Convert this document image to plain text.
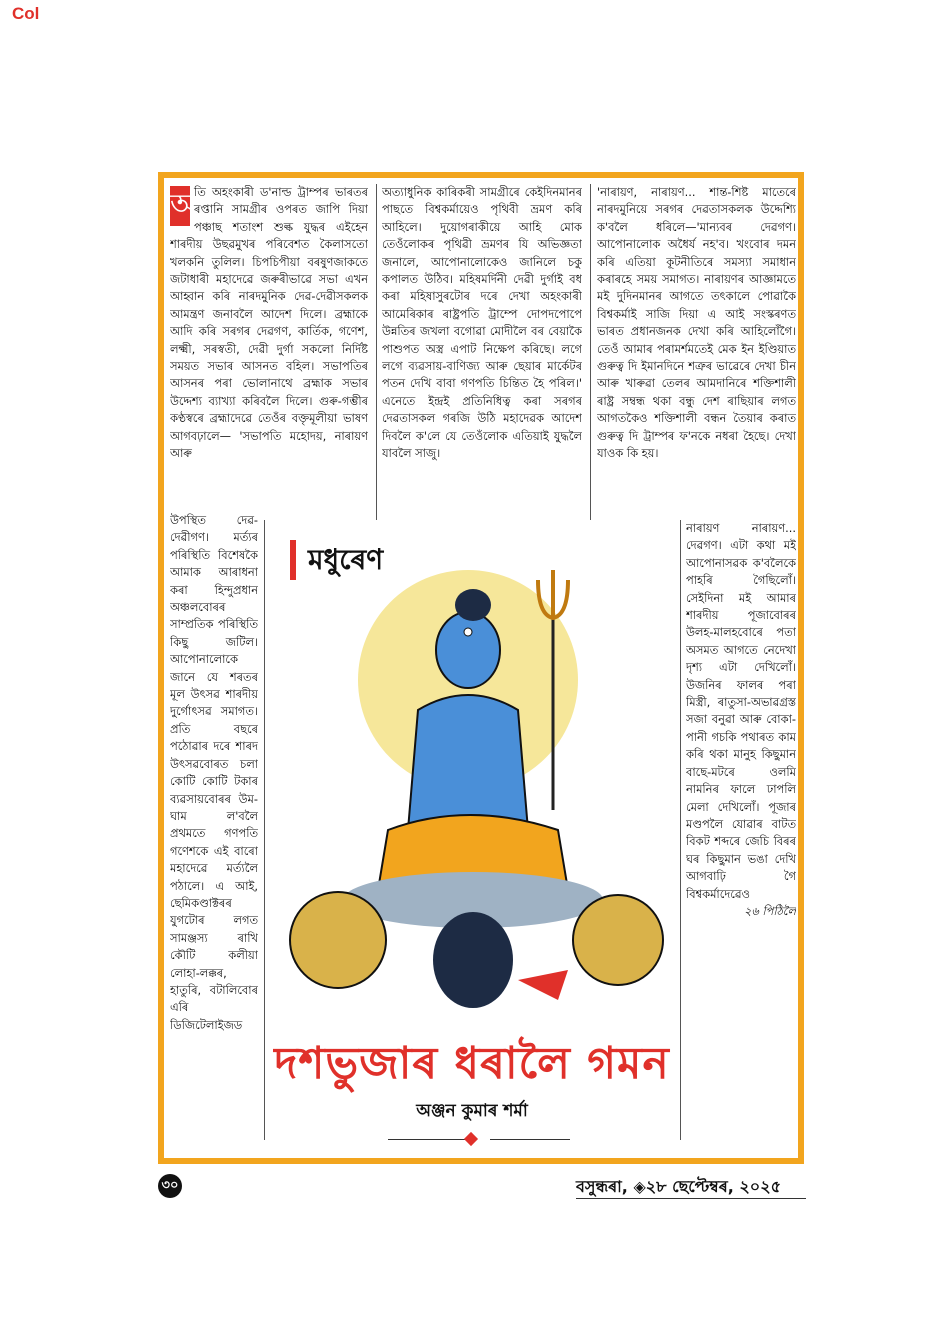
Col

অ
তি অহংকাৰী ড'নাল্ড ট্ৰাম্পৰ ভাৰতৰ ৰপ্তানি সামগ্ৰীৰ ওপৰত জাপি দিয়া পঞ্চাছ শতাংশ শুল্ক যুদ্ধৰ এইহেন শাৰদীয় উছৱমুখৰ পৰিবেশত কৈলাসতো খলকনি তুলিল। চিপচিপীয়া বৰষুণজাকতে জটাধাৰী মহাদেৱে জৰুৰীভাৱে সভা এখন আহ্বান কৰি নাৰদমুনিক দেৱ-দেৱীসকলক আমন্ত্ৰণ জনাবলৈ আদেশ দিলে। ব্ৰহ্মাকে আদি কৰি সৰগৰ দেৱগণ, কাৰ্তিক, গণেশ, লক্ষ্মী, সৰস্বতী, দেৱী দুৰ্গা সকলো নিৰ্দিষ্ট সময়ত সভাৰ আসনত বহিল। সভাপতিৰ আসনৰ পৰা ভোলানাথে ব্ৰহ্মাক সভাৰ উদ্দেশ্য ব্যাখ্যা কৰিবলৈ দিলে। গুৰু-গম্ভীৰ কণ্ঠস্বৰে ব্ৰহ্মাদেৱে তেওঁৰ বক্তৃমূলীয়া ভাষণ আগবঢ়ালে— 'সভাপতি মহোদয়, নাৰায়ণ আৰু

উপস্থিত দেৱ-দেৱীগণ। মৰ্ত্যৰ পৰিস্থিতি বিশেষকৈ আমাক আৰাধনা কৰা হিন্দুপ্ৰধান অঞ্চলবোৰৰ সাম্প্ৰতিক পৰিস্থিতি কিছু জটিল। আপোনালোকে জানে যে শৰতৰ মূল উৎসৱ শাৰদীয় দুৰ্গোৎসৱ সমাগত। প্ৰতি বছৰে পঠোৱাৰ দৰে শাৰদ উৎসৱবোৰত চলা কোটি কোটি টকাৰ ব্যৱসায়বোৰৰ উম-ঘাম ল'বলৈ প্ৰথমতে গণপতি গণেশকে এই বাৰো মহাদেৱে মৰ্ত্যলৈ পঠালে। এ আই, ছেমিকণ্ডাক্টৰৰ যুগটোৰ লগত সামঞ্জস্য ৰাখি কৌটি কলীয়া লোহা-লক্কৰ, হাতুৰি, বটালিবোৰ এৰি ডিজিটেলাইজড

অত্যাধুনিক কাৰিকৰী সামগ্ৰীৰে কেইদিনমানৰ পাছতে বিশ্বকৰ্মায়েও পৃথিবী ভ্ৰমণ কৰি আহিলে। দুয়োগৰাকীয়ে আহি মোক তেওঁলোকৰ পৃথিৱী ভ্ৰমণৰ যি অভিজ্ঞতা জনালে, আপোনালোকেও জানিলে চকু কপালত উঠিব। মহিষমৰ্দিনী দেৱী দুৰ্গাই বধ কৰা মহিষাসুৰটোৰ দৰে দেখা অহংকাৰী আমেৰিকাৰ ৰাষ্ট্ৰপতি ট্ৰাম্পে দোপদপোপে উন্নতিৰ জখলা বগোৱা মোদীলৈ বৰ বেয়াকৈ পাশুপত অস্ত্ৰ এপাট নিক্ষেপ কৰিছে। লগে লগে ব্যৱসায়-বাণিজ্য আৰু ছেয়াৰ মাৰ্কেটৰ পতন দেখি বাবা গণপতি চিন্তিত হৈ পৰিল।' এনেতে ইন্দ্ৰই প্ৰতিনিধিত্ব কৰা সৰগৰ দেৱতাসকল গৰজি উঠি মহাদেৱক আদেশ দিবলৈ ক'লে যে তেওঁলোক এতিয়াই যুদ্ধলৈ যাবলৈ সাজু।

'নাৰায়ণ, নাৰায়ণ... শান্ত-শিষ্ট মাতেৰে নাৰদমুনিয়ে সৰগৰ দেৱতাসকলক উদ্দেশ্যি ক'বলৈ ধৰিলে—'মান্যবৰ দেৱগণ। আপোনালোক অধৈৰ্য নহ'ব। খংবোৰ দমন কৰি এতিয়া কূটনীতিৰে সমস্যা সমাধান কৰাৰহে সময় সমাগত। নাৰায়ণৰ আজ্ঞামতে মই দুদিনমানৰ আগতে তৎকালে পোৱাকৈ বিশ্বকৰ্মাই সাজি দিয়া এ আই সংস্কৰণত ভাৰত প্ৰধানজনক দেখা কৰি আহিলোঁগৈ। তেওঁ আমাৰ পৰামৰ্শমতেই মেক ইন ইণ্ডিয়াত গুৰুত্ব দি ইমানদিনে শত্ৰুৰ ভাৱেৰে দেখা চীন আৰু খাৰুৱা তেলৰ আমদানিৰে শক্তিশালী ৰাষ্ট্ৰ সম্বন্ধ থকা বন্ধু দেশ ৰাছিয়াৰ লগত আগতকৈও শক্তিশালী বন্ধন তৈয়াৰ কৰাত গুৰুত্ব দি ট্ৰাম্পৰ ফ'নকে নধৰা হৈছে। দেখা যাওক কি হয়।

নাৰায়ণ নাৰায়ণ... দেৱগণ। এটা কথা মই আপোনাসৱক ক'বলৈকে পাহৰি গৈছিলোঁ। সেইদিনা মই আমাৰ শাৰদীয় পূজাবোৰৰ উলহ-মালহবোৰে পতা অসমত আগতে নেদেখা দৃশ্য এটা দেখিলোঁ। উজনিৰ ফালৰ পৰা মিস্ত্ৰী, ৰাতুসা-অভাৱগ্ৰস্ত সজা বনুৱা আৰু বোকা-পানী গচকি পথাৰত কাম কৰি থকা মানুহ কিছুমান বাছে-মটৰে ওলমি নামনিৰ ফালে ঢাপলি মেলা দেখিলোঁ। পূজাৰ মণ্ডপলৈ যোৱাৰ বাটত বিকট শব্দৰে জেচি বিৰৰ ঘৰ কিছুমান ভঙা দেখি আগবাঢ়ি গৈ বিশ্বকৰ্মাদেৱেও

২৬ পিঠিলৈ
মধুৰেণ
দশভুজাৰ ধৰালৈ গমন
অঞ্জন কুমাৰ শৰ্মা
৩০	বসুন্ধৰা, ◈২৮ ছেপ্টেম্বৰ, ২০২৫
